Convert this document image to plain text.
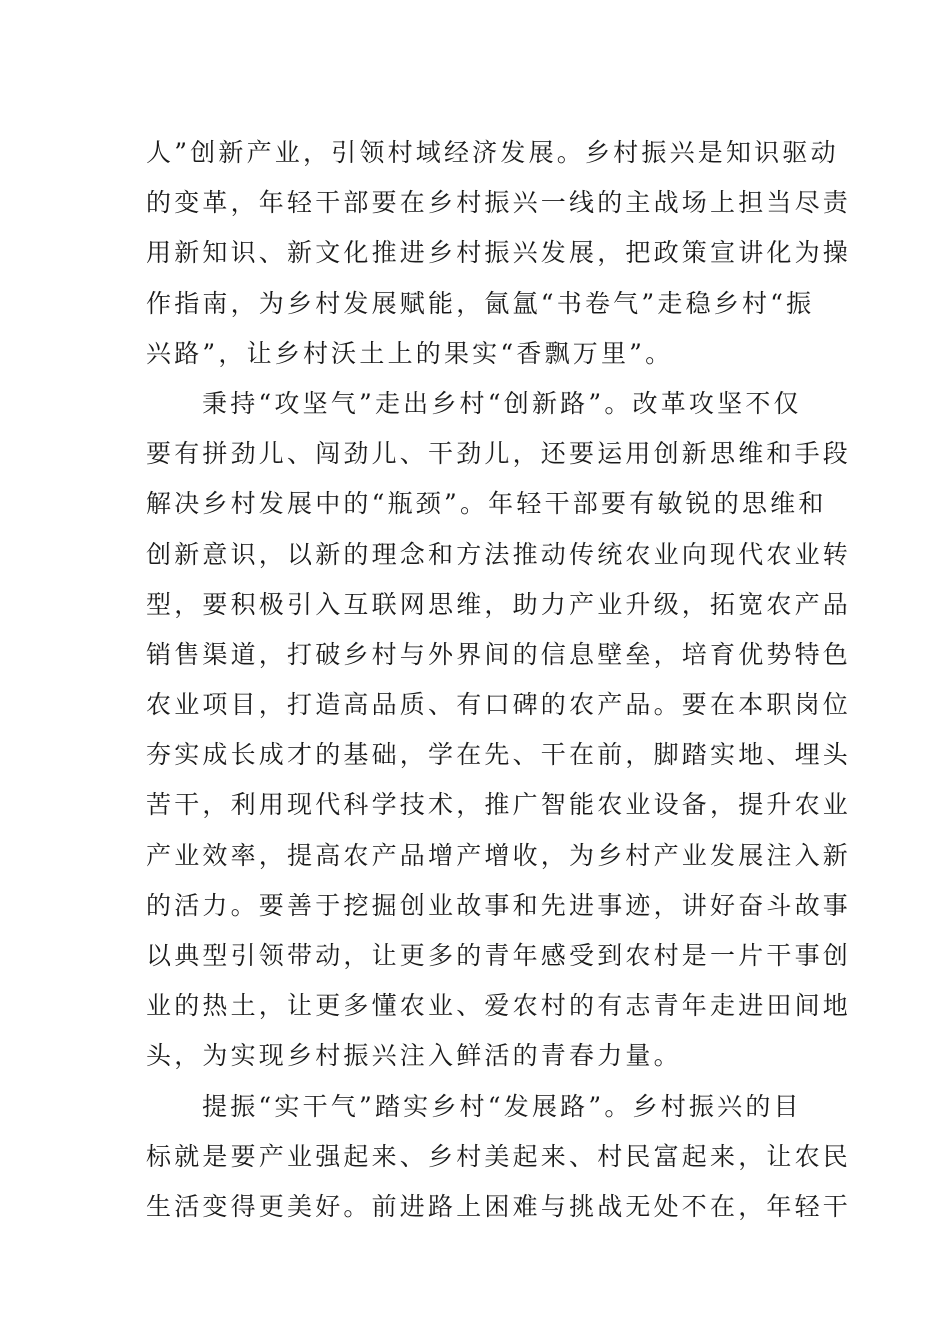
人”创新产业，引领村域经济发展。乡村振兴是知识驱动
的变革，年轻干部要在乡村振兴一线的主战场上担当尽责
用新知识、新文化推进乡村振兴发展，把政策宣讲化为操
作指南，为乡村发展赋能，氤氲“书卷气”走稳乡村“振
兴路”，让乡村沃土上的果实“香飘万里”。
秉持“攻坚气”走出乡村“创新路”。改革攻坚不仅
要有拼劲儿、闯劲儿、干劲儿，还要运用创新思维和手段
解决乡村发展中的“瓶颈”。年轻干部要有敏锐的思维和
创新意识，以新的理念和方法推动传统农业向现代农业转
型，要积极引入互联网思维，助力产业升级，拓宽农产品
销售渠道，打破乡村与外界间的信息壁垒，培育优势特色
农业项目，打造高品质、有口碑的农产品。要在本职岗位
夯实成长成才的基础，学在先、干在前，脚踏实地、埋头
苦干，利用现代科学技术，推广智能农业设备，提升农业
产业效率，提高农产品增产增收，为乡村产业发展注入新
的活力。要善于挖掘创业故事和先进事迹，讲好奋斗故事
以典型引领带动，让更多的青年感受到农村是一片干事创
业的热土，让更多懂农业、爱农村的有志青年走进田间地
头，为实现乡村振兴注入鲜活的青春力量。
提振“实干气”踏实乡村“发展路”。乡村振兴的目
标就是要产业强起来、乡村美起来、村民富起来，让农民
生活变得更美好。前进路上困难与挑战无处不在，年轻干
